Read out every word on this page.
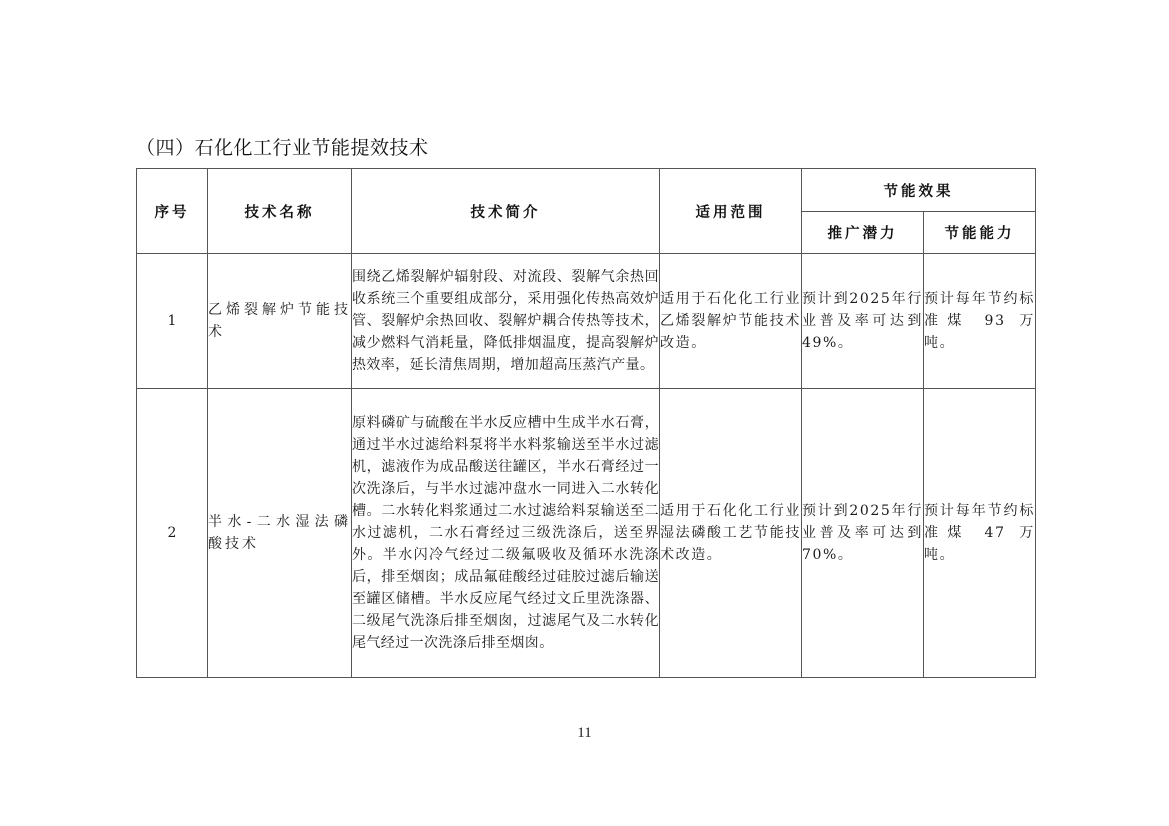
（四）石化化工行业节能提效技术
序号	技术名称	技术简介	适用范围	节能效果	
				推广潜力	节能能力
1	乙烯裂解炉节能技术	围绕乙烯裂解炉辐射段、对流段、裂解气余热回收系统三个重要组成部分，采用强化传热高效炉管、裂解炉余热回收、裂解炉耦合传热等技术，减少燃料气消耗量，降低排烟温度，提高裂解炉热效率，延长清焦周期，增加超高压蒸汽产量。	适用于石化化工行业乙烯裂解炉节能技术改造。	预计到2025年行业普及率可达到49%。	预计每年节约标准煤 93 万吨。
2	半水-二水湿法磷酸技术	原料磷矿与硫酸在半水反应槽中生成半水石膏，通过半水过滤给料泵将半水料浆输送至半水过滤机，滤液作为成品酸送往罐区，半水石膏经过一次洗涤后，与半水过滤冲盘水一同进入二水转化槽。二水转化料浆通过二水过滤给料泵输送至二水过滤机，二水石膏经过三级洗涤后，送至界外。半水闪冷气经过二级氟吸收及循环水洗涤后，排至烟囱；成品氟硅酸经过硅胶过滤后输送至罐区储槽。半水反应尾气经过文丘里洗涤器、二级尾气洗涤后排至烟囱，过滤尾气及二水转化尾气经过一次洗涤后排至烟囱。	适用于石化化工行业湿法磷酸工艺节能技术改造。	预计到2025年行业普及率可达到70%。	预计每年节约标准煤 47 万吨。
11
